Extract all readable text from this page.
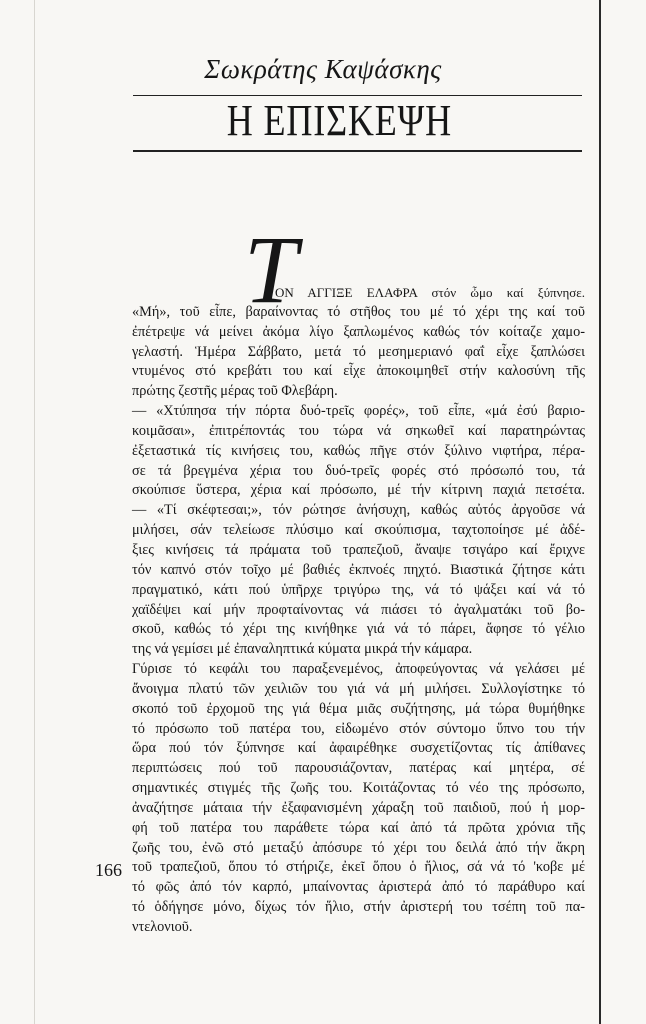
Σωκράτης Καψάσκης
Η ΕΠΙΣΚΕΨΗ
Τ
ΟΝ ΑΓΓΙΞΕ ΕΛΑΦΡΑ στόν ὦμο καί ξύπνησε.
«Μή», τοῦ εἶπε, βαραίνοντας τό στῆθος του μέ τό χέρι της καί τοῦ
ἐπέτρεψε νά μείνει ἀκόμα λίγο ξαπλωμένος καθώς τόν κοίταζε χαμο-
γελαστή. Ἡμέρα Σάββατο, μετά τό μεσημεριανό φαΐ εἶχε ξαπλώσει
ντυμένος στό κρεβάτι του καί εἶχε ἀποκοιμηθεῖ στήν καλοσύνη τῆς
πρώτης ζεστῆς μέρας τοῦ Φλεβάρη.
— «Χτύπησα τήν πόρτα δυό-τρεῖς φορές», τοῦ εἶπε, «μά ἐσύ βαριο-
κοιμᾶσαι», ἐπιτρέποντάς του τώρα νά σηκωθεῖ καί παρατηρώντας
ἐξεταστικά τίς κινήσεις του, καθώς πῆγε στόν ξύλινο νιφτήρα, πέρα-
σε τά βρεγμένα χέρια του δυό-τρεῖς φορές στό πρόσωπό του, τά
σκούπισε ὕστερα, χέρια καί πρόσωπο, μέ τήν κίτρινη παχιά πετσέτα.
— «Τί σκέφτεσαι;», τόν ρώτησε ἀνήσυχη, καθώς αὐτός ἀργοῦσε νά
μιλήσει, σάν τελείωσε πλύσιμο καί σκούπισμα, ταχτοποίησε μέ ἀδέ-
ξιες κινήσεις τά πράματα τοῦ τραπεζιοῦ, ἄναψε τσιγάρο καί ἔριχνε
τόν καπνό στόν τοῖχο μέ βαθιές ἐκπνοές πηχτό. Βιαστικά ζήτησε κάτι
πραγματικό, κάτι πού ὑπῆρχε τριγύρω της, νά τό ψάξει καί νά τό
χαϊδέψει καί μήν προφταίνοντας νά πιάσει τό ἀγαλματάκι τοῦ βο-
σκοῦ, καθώς τό χέρι της κινήθηκε γιά νά τό πάρει, ἄφησε τό γέλιο
της νά γεμίσει μέ ἐπαναληπτικά κύματα μικρά τήν κάμαρα.
Γύρισε τό κεφάλι του παραξενεμένος, ἀποφεύγοντας νά γελάσει μέ
ἄνοιγμα πλατύ τῶν χειλιῶν του γιά νά μή μιλήσει. Συλλογίστηκε τό
σκοπό τοῦ ἐρχομοῦ της γιά θέμα μιᾶς συζήτησης, μά τώρα θυμήθηκε
τό πρόσωπο τοῦ πατέρα του, εἰδωμένο στόν σύντομο ὕπνο του τήν
ὥρα πού τόν ξύπνησε καί ἀφαιρέθηκε συσχετίζοντας τίς ἀπίθανες
περιπτώσεις πού τοῦ παρουσιάζονταν, πατέρας καί μητέρα, σέ
σημαντικές στιγμές τῆς ζωῆς του. Κοιτάζοντας τό νέο της πρόσωπο,
ἀναζήτησε μάταια τήν ἐξαφανισμένη χάραξη τοῦ παιδιοῦ, πού ἡ μορ-
φή τοῦ πατέρα του παράθετε τώρα καί ἀπό τά πρῶτα χρόνια τῆς
ζωῆς του, ἐνῶ στό μεταξύ ἀπόσυρε τό χέρι του δειλά ἀπό τήν ἄκρη
τοῦ τραπεζιοῦ, ὅπου τό στήριζε, ἐκεῖ ὅπου ὁ ἥλιος, σά νά τό 'κοβε μέ
τό φῶς ἀπό τόν καρπό, μπαίνοντας ἀριστερά ἀπό τό παράθυρο καί
τό ὁδήγησε μόνο, δίχως τόν ἥλιο, στήν ἀριστερή του τσέπη τοῦ πα-
ντελονιοῦ.
166
